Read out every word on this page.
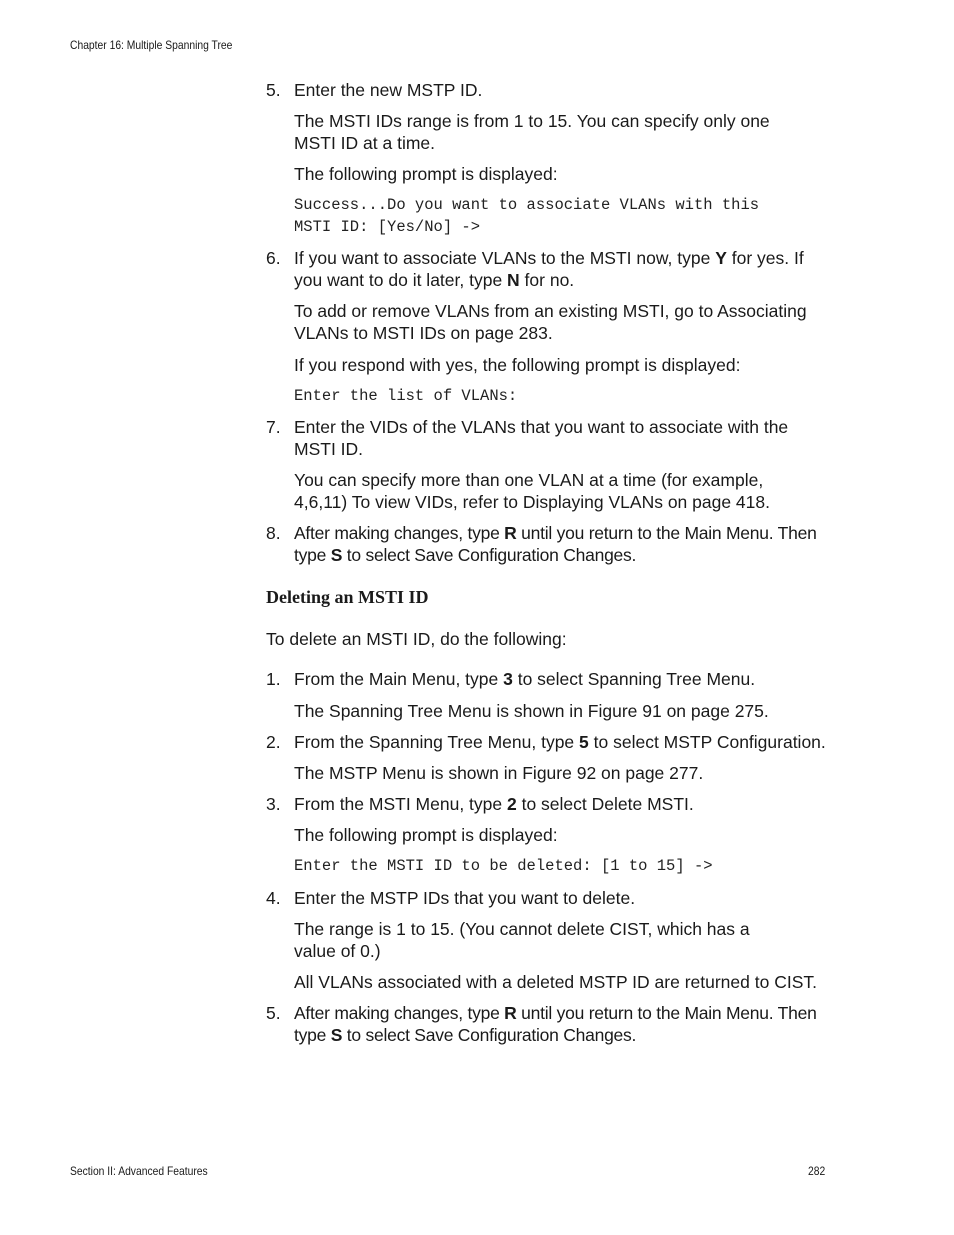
Chapter 16: Multiple Spanning Tree
5. Enter the new MSTP ID.
The MSTI IDs range is from 1 to 15. You can specify only one MSTI ID at a time.
The following prompt is displayed:
Success...Do you want to associate VLANs with this
MSTI ID: [Yes/No] ->
6. If you want to associate VLANs to the MSTI now, type Y for yes. If you want to do it later, type N for no.
To add or remove VLANs from an existing MSTI, go to Associating VLANs to MSTI IDs on page 283.
If you respond with yes, the following prompt is displayed:
Enter the list of VLANs:
7. Enter the VIDs of the VLANs that you want to associate with the MSTI ID.
You can specify more than one VLAN at a time (for example, 4,6,11) To view VIDs, refer to Displaying VLANs on page 418.
8. After making changes, type R until you return to the Main Menu. Then type S to select Save Configuration Changes.
Deleting an MSTI ID
To delete an MSTI ID, do the following:
1. From the Main Menu, type 3 to select Spanning Tree Menu.
The Spanning Tree Menu is shown in Figure 91 on page 275.
2. From the Spanning Tree Menu, type 5 to select MSTP Configuration.
The MSTP Menu is shown in Figure 92 on page 277.
3. From the MSTI Menu, type 2 to select Delete MSTI.
The following prompt is displayed:
Enter the MSTI ID to be deleted: [1 to 15] ->
4. Enter the MSTP IDs that you want to delete.
The range is 1 to 15. (You cannot delete CIST, which has a value of 0.)
All VLANs associated with a deleted MSTP ID are returned to CIST.
5. After making changes, type R until you return to the Main Menu. Then type S to select Save Configuration Changes.
Section II: Advanced Features	282
